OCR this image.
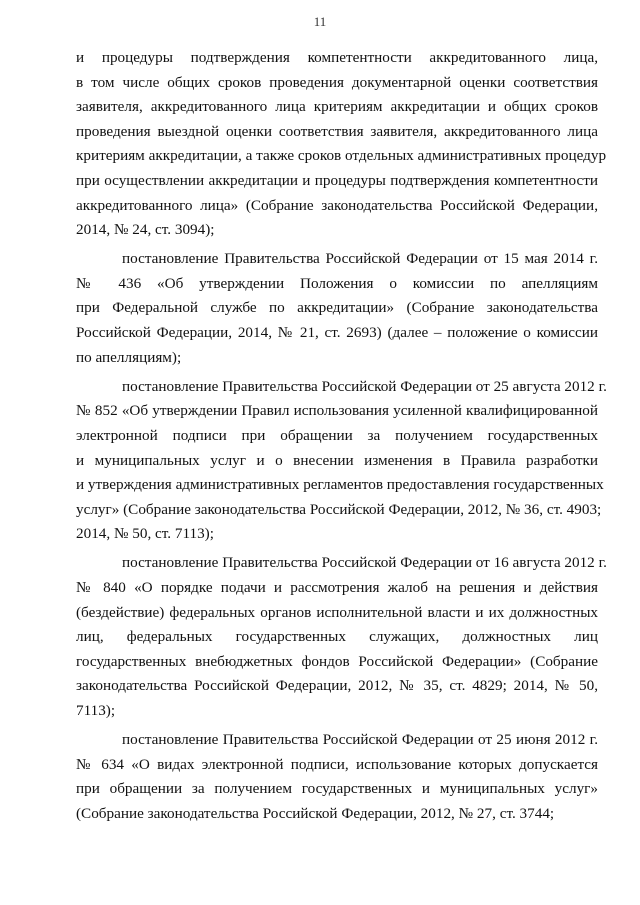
11

и процедуры подтверждения компетентности аккредитованного лица,
в том числе общих сроков проведения документарной оценки соответствия
заявителя, аккредитованного лица критериям аккредитации и общих сроков
проведения выездной оценки соответствия заявителя, аккредитованного лица
критериям аккредитации, а также сроков отдельных административных процедур
при осуществлении аккредитации и процедуры подтверждения компетентности
аккредитованного лица» (Собрание законодательства Российской Федерации,
2014, № 24, ст. 3094);

постановление Правительства Российской Федерации от 15 мая 2014 г.
№ 436 «Об утверждении Положения о комиссии по апелляциям
при Федеральной службе по аккредитации» (Собрание законодательства
Российской Федерации, 2014, № 21, ст. 2693) (далее – положение о комиссии
по апелляциям);

постановление Правительства Российской Федерации от 25 августа 2012 г.
№ 852 «Об утверждении Правил использования усиленной квалифицированной
электронной подписи при обращении за получением государственных
и муниципальных услуг и о внесении изменения в Правила разработки
и утверждения административных регламентов предоставления государственных
услуг» (Собрание законодательства Российской Федерации, 2012, № 36, ст. 4903;
2014, № 50, ст. 7113);

постановление Правительства Российской Федерации от 16 августа 2012 г.
№ 840 «О порядке подачи и рассмотрения жалоб на решения и действия
(бездействие) федеральных органов исполнительной власти и их должностных
лиц, федеральных государственных служащих, должностных лиц
государственных внебюджетных фондов Российской Федерации» (Собрание
законодательства Российской Федерации, 2012, № 35, ст. 4829; 2014, № 50,
7113);

постановление Правительства Российской Федерации от 25 июня 2012 г.
№ 634 «О видах электронной подписи, использование которых допускается
при обращении за получением государственных и муниципальных услуг»
(Собрание законодательства Российской Федерации, 2012, № 27, ст. 3744;
